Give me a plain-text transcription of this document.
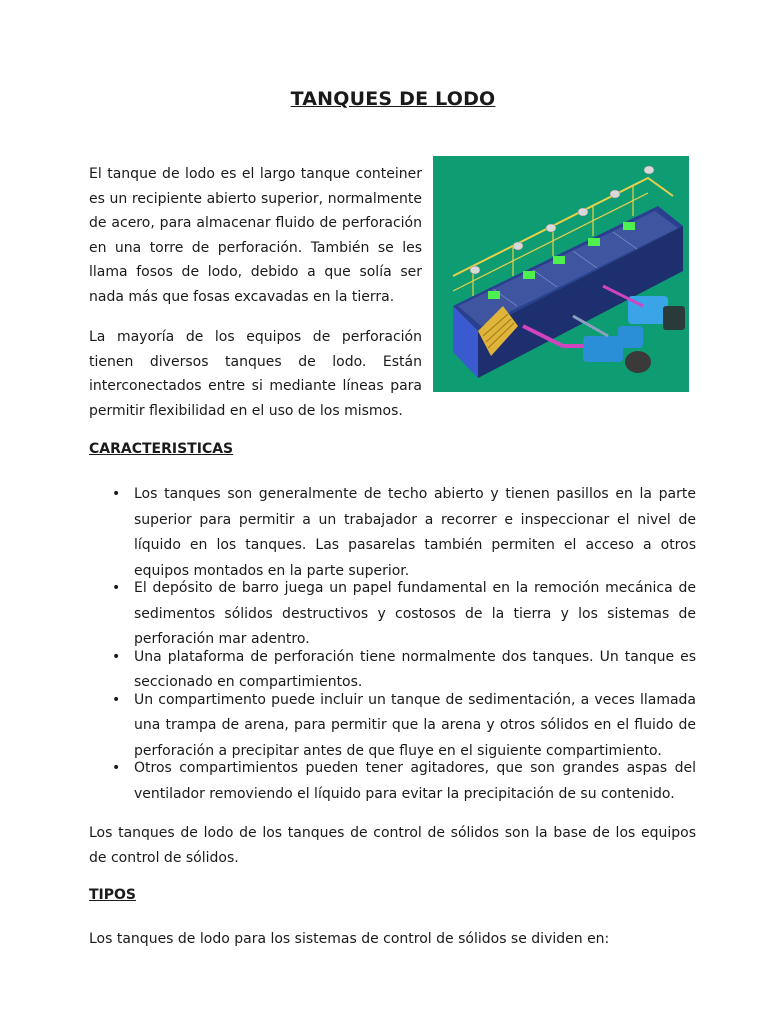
TANQUES DE LODO
El tanque de lodo es el largo tanque conteiner es un recipiente abierto superior, normalmente de acero, para almacenar fluido de perforación en una torre de perforación. También se les llama fosos de lodo, debido a que solía ser nada más que fosas excavadas en la tierra.
La mayoría de los equipos de perforación tienen diversos tanques de lodo. Están interconectados entre si mediante líneas para permitir flexibilidad en el uso de los mismos.
CARACTERISTICAS
• Los tanques son generalmente de techo abierto y tienen pasillos en la parte superior para permitir a un trabajador a recorrer e inspeccionar el nivel de líquido en los tanques. Las pasarelas también permiten el acceso a otros equipos montados en la parte superior.
• El depósito de barro juega un papel fundamental en la remoción mecánica de sedimentos sólidos destructivos y costosos de la tierra y los sistemas de perforación mar adentro.
• Una plataforma de perforación tiene normalmente dos tanques. Un tanque es seccionado en compartimientos.
• Un compartimento puede incluir un tanque de sedimentación, a veces llamada una trampa de arena, para permitir que la arena y otros sólidos en el fluido de perforación a precipitar antes de que fluye en el siguiente compartimiento.
• Otros compartimientos pueden tener agitadores, que son grandes aspas del ventilador removiendo el líquido para evitar la precipitación de su contenido.
Los tanques de lodo de los tanques de control de sólidos son la base de los equipos de control de sólidos.
TIPOS
Los tanques de lodo para los sistemas de control de sólidos se dividen en:
